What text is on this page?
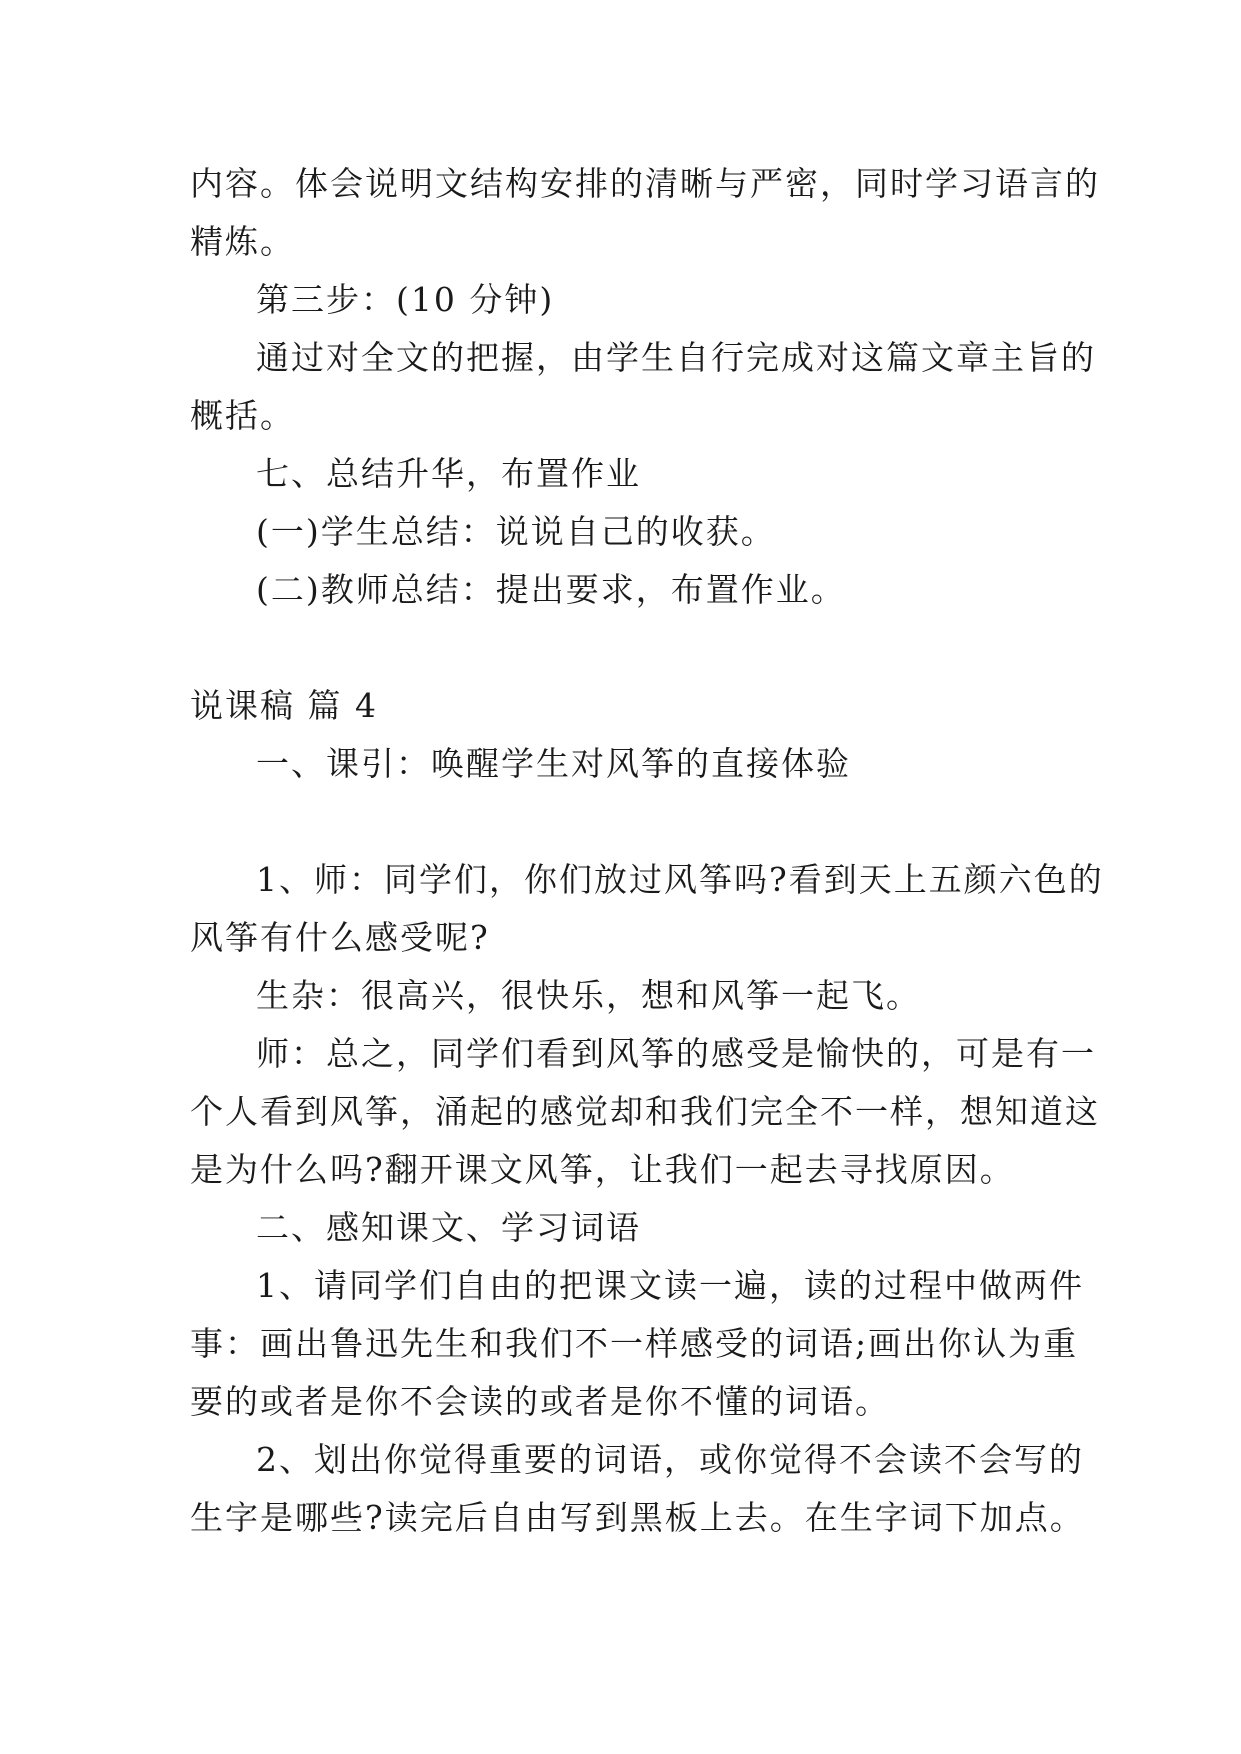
内容。体会说明文结构安排的清晰与严密，同时学习语言的
精炼。
第三步：(10 分钟)
通过对全文的把握，由学生自行完成对这篇文章主旨的
概括。
七、总结升华，布置作业
(一)学生总结：说说自己的收获。
(二)教师总结：提出要求，布置作业。
说课稿 篇 4
一、课引：唤醒学生对风筝的直接体验
1、师：同学们，你们放过风筝吗?看到天上五颜六色的
风筝有什么感受呢?
生杂：很高兴，很快乐，想和风筝一起飞。
师：总之，同学们看到风筝的感受是愉快的，可是有一
个人看到风筝，涌起的感觉却和我们完全不一样，想知道这
是为什么吗?翻开课文风筝，让我们一起去寻找原因。
二、感知课文、学习词语
1、请同学们自由的把课文读一遍，读的过程中做两件
事：画出鲁迅先生和我们不一样感受的词语;画出你认为重
要的或者是你不会读的或者是你不懂的词语。
2、划出你觉得重要的词语，或你觉得不会读不会写的
生字是哪些?读完后自由写到黑板上去。在生字词下加点。
